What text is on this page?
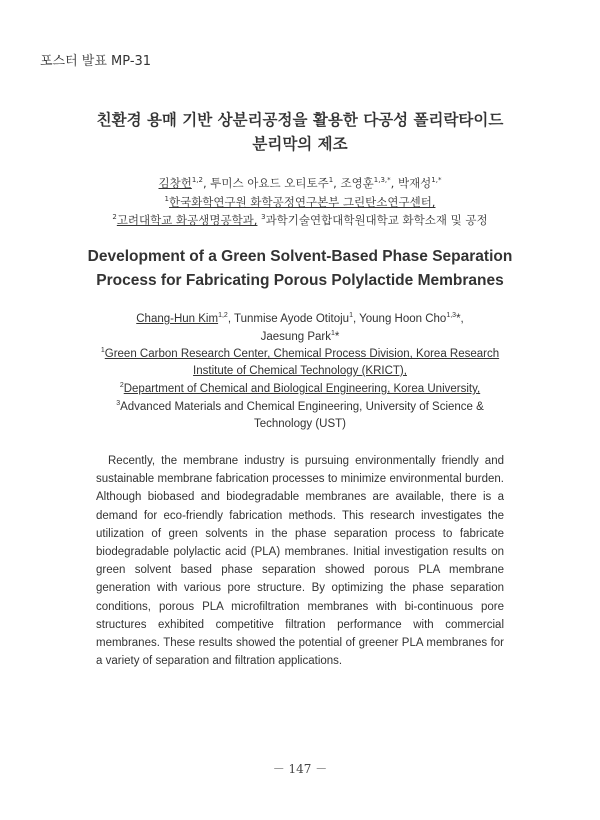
포스터 발표 MP-31
친환경 용매 기반 상분리공정을 활용한 다공성 폴리락타이드
분리막의 제조
김창헌$^{1,2}$, 투미스 아요드 오티토주$^1$, 조영훈$^{1,3,*}$, 박재성$^{1,*}$
$^1$한국화학연구원 화학공정연구본부 그린탄소연구센터,
$^2$고려대학교 화공생명공학과, $^3$과학기술연합대학원대학교 화학소재 및 공정
Development of a Green Solvent-Based Phase Separation
Process for Fabricating Porous Polylactide Membranes
Chang-Hun Kim$^{1,2}$, Tunmise Ayode Otitoju$^1$, Young Hoon Cho$^{1,3}$*,
Jaesung Park$^1$*
$^1$Green Carbon Research Center, Chemical Process Division, Korea Research
Institute of Chemical Technology (KRICT),
$^2$Department of Chemical and Biological Engineering, Korea University,
$^3$Advanced Materials and Chemical Engineering, University of Science &
Technology (UST)

Recently, the membrane industry is pursuing environmentally friendly and sustainable membrane fabrication processes to minimize environmental burden. Although biobased and biodegradable membranes are available, there is a demand for eco-friendly fabrication methods. This research investigates the utilization of green solvents in the phase separation process to fabricate biodegradable polylactic acid (PLA) membranes. Initial investigation results on green solvent based phase separation showed porous PLA membrane generation with various pore structure. By optimizing the phase separation conditions, porous PLA microfiltration membranes with bi-continuous pore structures exhibited competitive filtration performance with commercial membranes. These results showed the potential of greener PLA membranes for a variety of separation and filtration applications.

－ 147 －
